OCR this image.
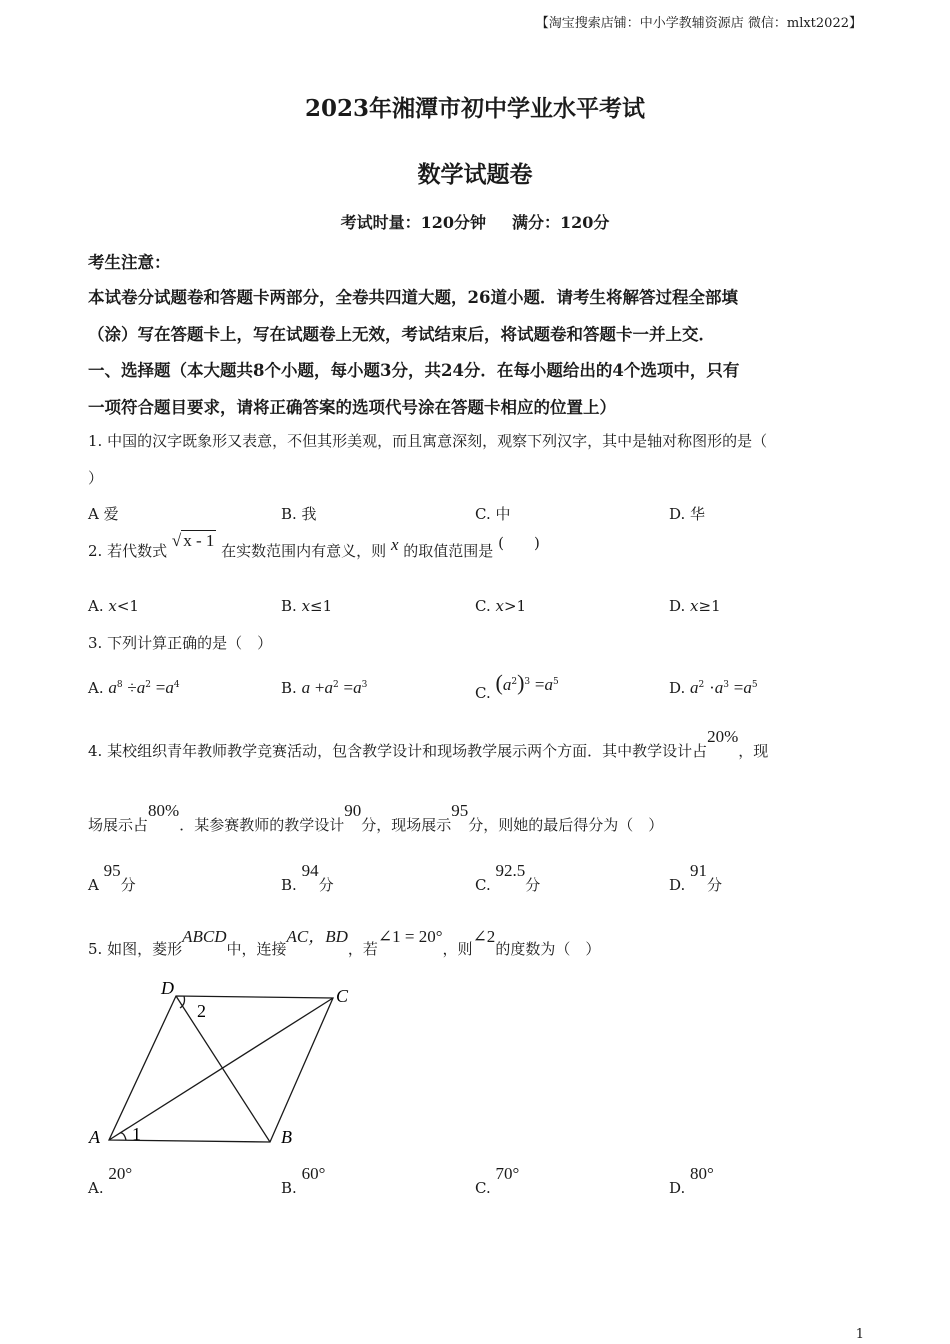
【淘宝搜索店铺：中小学教辅资源店 微信：mlxt2022】
2023年湘潭市初中学业水平考试
数学试题卷
考试时量：120分钟 满分：120分
考生注意：
本试卷分试题卷和答题卡两部分，全卷共四道大题，26道小题．请考生将解答过程全部填
（涂）写在答题卡上，写在试题卷上无效，考试结束后，将试题卷和答题卡一并上交．
一、选择题（本大题共8个小题，每小题3分，共24分．在每小题给出的4个选项中，只有
一项符合题目要求，请将正确答案的选项代号涂在答题卡相应的位置上）
1. 中国的汉字既象形又表意，不但其形美观，而且寓意深刻，观察下列汉字，其中是轴对称图形的是（
）
A 爱	B. 我	C. 中	D. 华
2. 若代数式 √ x - 1 在实数范围内有意义，则 x 的取值范围是 (　　)
A. x<1	B. x≤1	C. x>1	D. x≥1
3. 下列计算正确的是（　）
A. $a^8 \div a^2 =a^4$	B. $a +a^2 =a^3$	C. $(a^2)^3 =a^5$	D. $a^2 \cdot a^3 =a^5$
4. 某校组织青年教师教学竞赛活动，包含教学设计和现场教学展示两个方面．其中教学设计占20%，现
场展示占80%．某参赛教师的教学设计90分，现场展示95分，则她的最后得分为（　）
A 95分	B. 94分	C. 92.5分	D. 91分
5. 如图，菱形ABCD中，连接AC，BD，若∠1 = 20°，则∠2的度数为（　）
D	C
A	B
1
2
A. 20°
B. 60°
C. 70°
D. 80°
1
